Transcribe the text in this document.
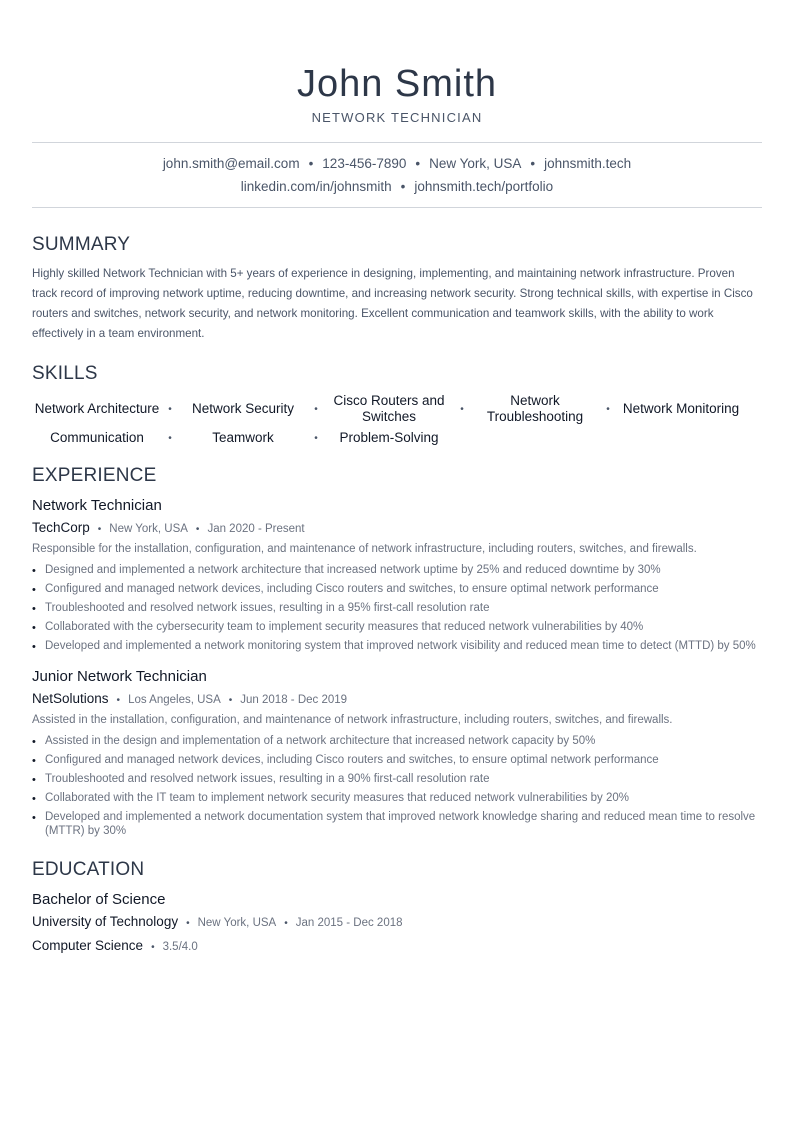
John Smith
NETWORK TECHNICIAN
john.smith@email.com • 123-456-7890 • New York, USA • johnsmith.tech
linkedin.com/in/johnsmith • johnsmith.tech/portfolio
SUMMARY
Highly skilled Network Technician with 5+ years of experience in designing, implementing, and maintaining network infrastructure. Proven track record of improving network uptime, reducing downtime, and increasing network security. Strong technical skills, with expertise in Cisco routers and switches, network security, and network monitoring. Excellent communication and teamwork skills, with the ability to work effectively in a team environment.
SKILLS
Network Architecture •	Network Security	•
Cisco Routers and Switches	•
Network Troubleshooting	• Network Monitoring
Communication	•	Teamwork	•	Problem-Solving
EXPERIENCE
Network Technician
TechCorp • New York, USA • Jan 2020 - Present
Responsible for the installation, configuration, and maintenance of network infrastructure, including routers, switches, and firewalls.
• Designed and implemented a network architecture that increased network uptime by 25% and reduced downtime by 30%
• Configured and managed network devices, including Cisco routers and switches, to ensure optimal network performance
• Troubleshooted and resolved network issues, resulting in a 95% first-call resolution rate
• Collaborated with the cybersecurity team to implement security measures that reduced network vulnerabilities by 40%
• Developed and implemented a network monitoring system that improved network visibility and reduced mean time to detect (MTTD) by 50%
Junior Network Technician
NetSolutions • Los Angeles, USA • Jun 2018 - Dec 2019
Assisted in the installation, configuration, and maintenance of network infrastructure, including routers, switches, and firewalls.
• Assisted in the design and implementation of a network architecture that increased network capacity by 50%
• Configured and managed network devices, including Cisco routers and switches, to ensure optimal network performance
• Troubleshooted and resolved network issues, resulting in a 90% first-call resolution rate
• Collaborated with the IT team to implement network security measures that reduced network vulnerabilities by 20%
• Developed and implemented a network documentation system that improved network knowledge sharing and reduced mean time to resolve (MTTR) by 30%
EDUCATION
Bachelor of Science
University of Technology • New York, USA • Jan 2015 - Dec 2018
Computer Science • 3.5/4.0
